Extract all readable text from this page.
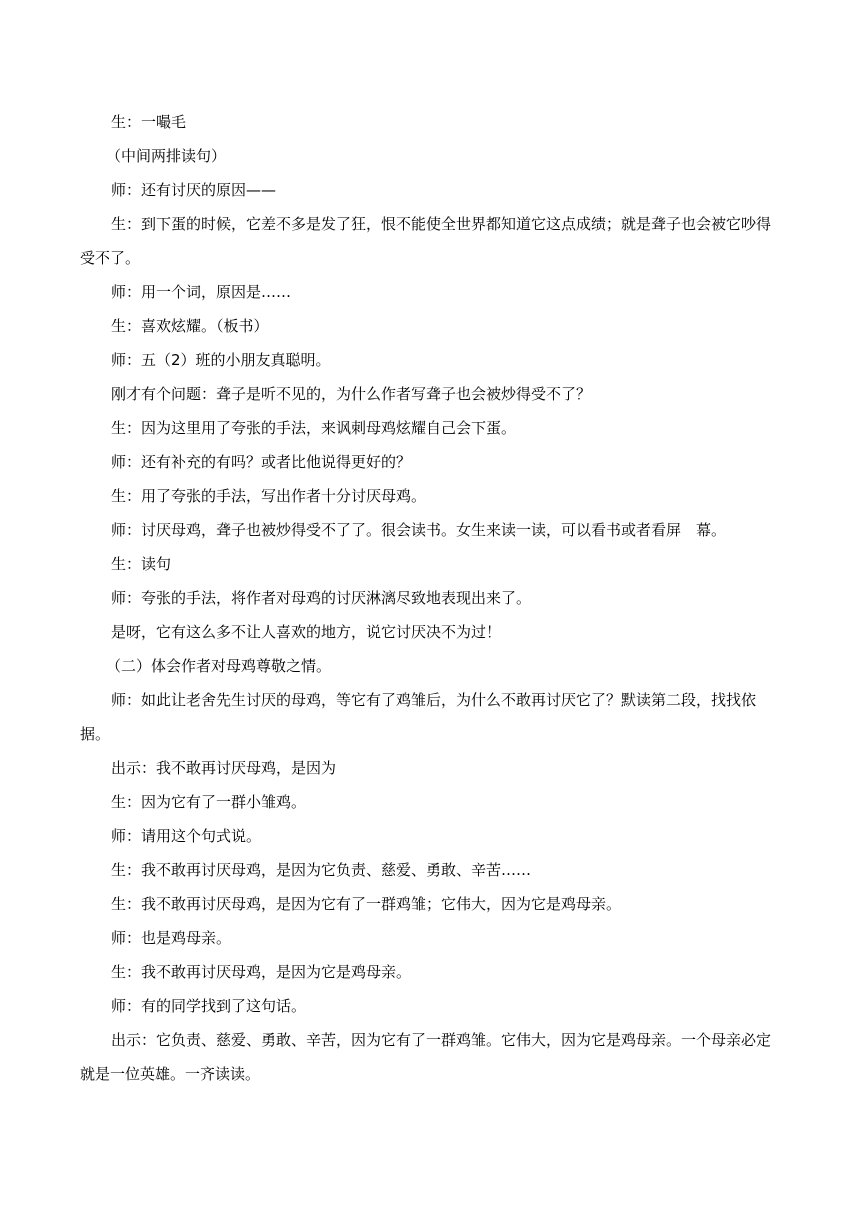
生：一嘬毛

（中间两排读句）

师：还有讨厌的原因——

生：到下蛋的时候，它差不多是发了狂，恨不能使全世界都知道它这点成绩；就是聋子也会被它吵得受不了。

师：用一个词，原因是……

生：喜欢炫耀。（板书）

师：五（2）班的小朋友真聪明。

刚才有个问题：聋子是听不见的，为什么作者写聋子也会被炒得受不了？

生：因为这里用了夸张的手法，来讽刺母鸡炫耀自己会下蛋。

师：还有补充的有吗？或者比他说得更好的？

生：用了夸张的手法，写出作者十分讨厌母鸡。

师：讨厌母鸡，聋子也被炒得受不了了。很会读书。女生来读一读，可以看书或者看屏　幕。

生：读句

师：夸张的手法，将作者对母鸡的讨厌淋漓尽致地表现出来了。

是呀，它有这么多不让人喜欢的地方，说它讨厌决不为过！

（二）体会作者对母鸡尊敬之情。

师：如此让老舍先生讨厌的母鸡，等它有了鸡雏后，为什么不敢再讨厌它了？默读第二段，找找依据。

出示：我不敢再讨厌母鸡，是因为

生：因为它有了一群小雏鸡。

师：请用这个句式说。

生：我不敢再讨厌母鸡，是因为它负责、慈爱、勇敢、辛苦……

生：我不敢再讨厌母鸡，是因为它有了一群鸡雏；它伟大，因为它是鸡母亲。

师：也是鸡母亲。

生：我不敢再讨厌母鸡，是因为它是鸡母亲。

师：有的同学找到了这句话。

出示：它负责、慈爱、勇敢、辛苦，因为它有了一群鸡雏。它伟大，因为它是鸡母亲。一个母亲必定就是一位英雄。一齐读读。
